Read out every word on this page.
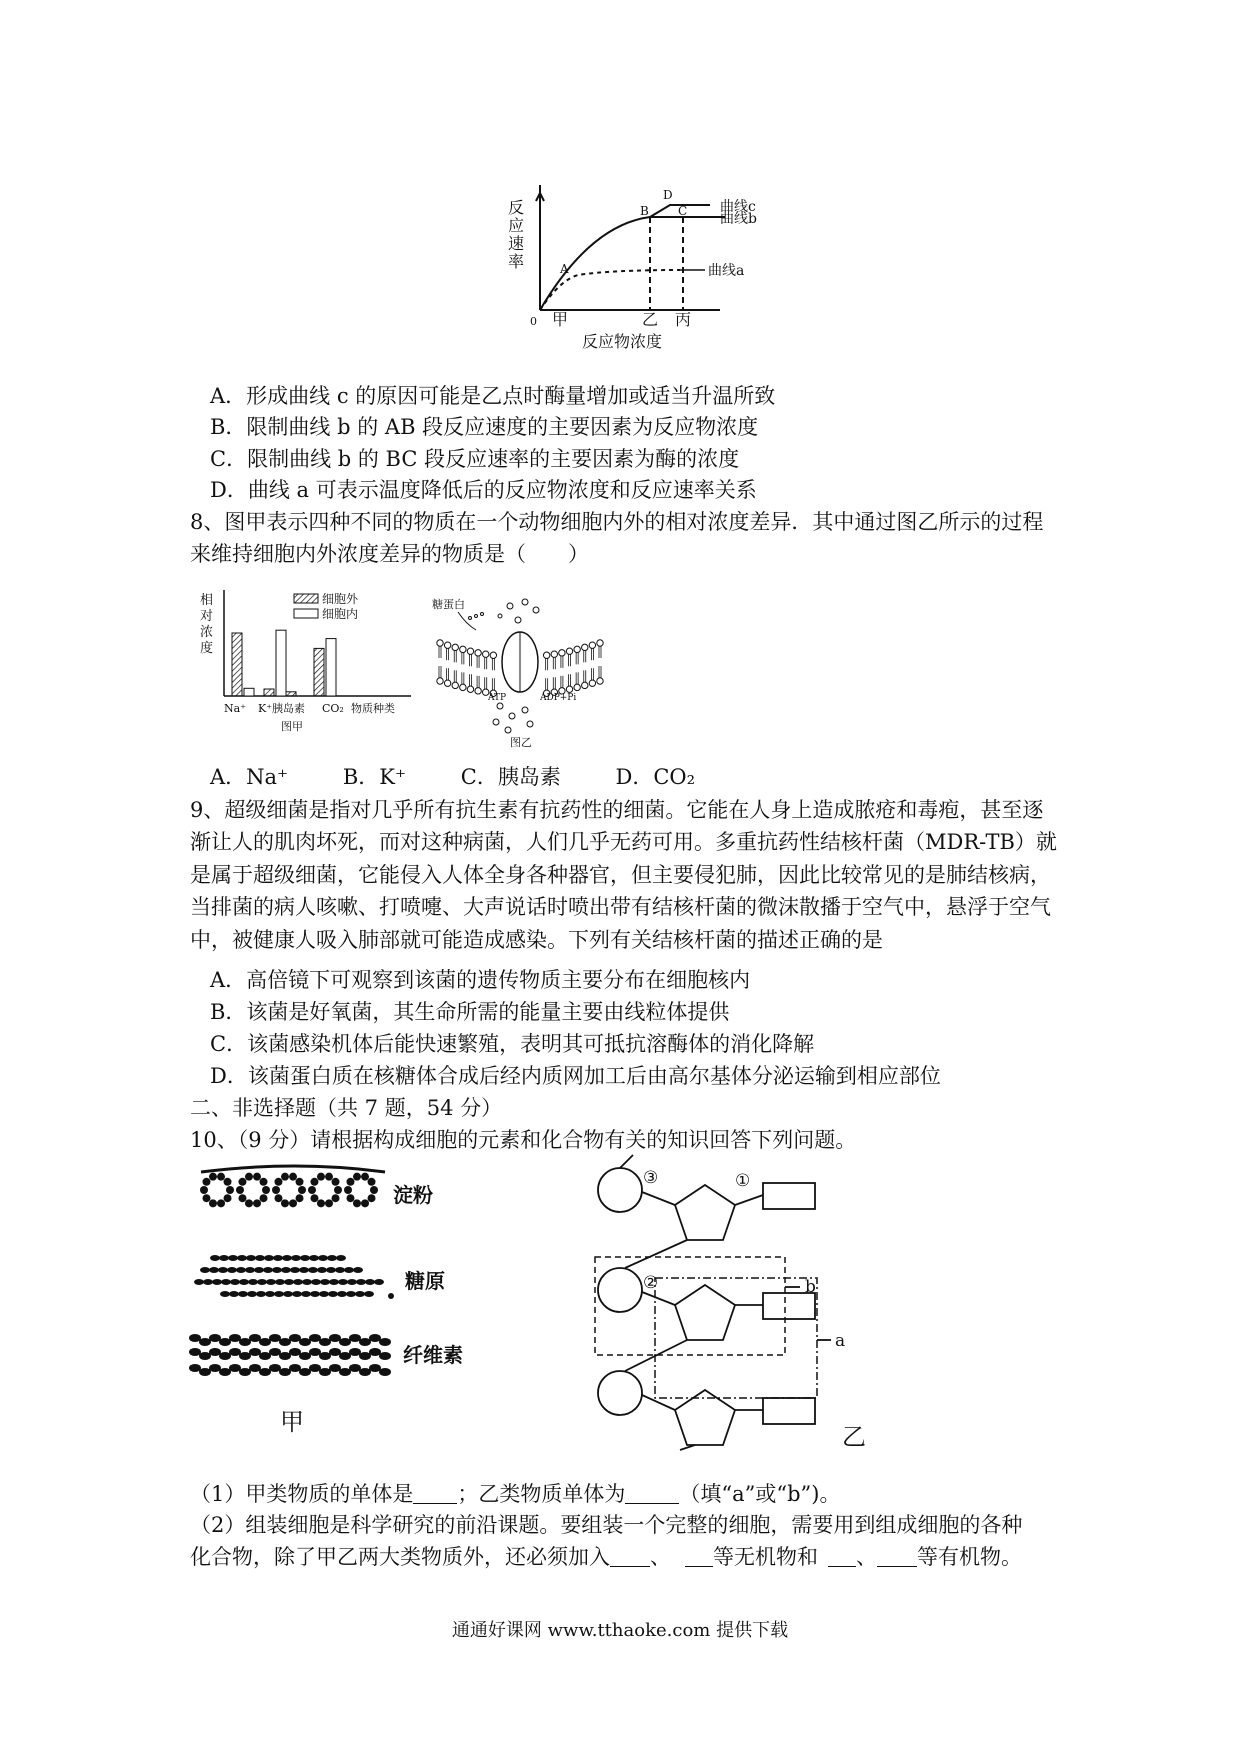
反
应
速
率
0 甲	乙 丙
反应物浓度
A
B C
D
曲线c
曲线b
曲线a
A．形成曲线 c 的原因可能是乙点时酶量增加或适当升温所致
B．限制曲线 b 的 AB 段反应速度的主要因素为反应物浓度
C．限制曲线 b 的 BC 段反应速率的主要因素为酶的浓度
D．曲线 a 可表示温度降低后的反应物浓度和反应速率关系
8、图甲表示四种不同的物质在一个动物细胞内外的相对浓度差异．其中通过图乙所示的过程来维持细胞内外浓度差异的物质是（　　）
相
对
浓
度
细胞外
细胞内
Na⁺ K⁺ 胰岛素 CO₂ 物质种类
图甲
糖蛋白
ATP	ADP+Pi
图乙
A．Na⁺	B．K⁺	C．胰岛素	D．CO₂
9、超级细菌是指对几乎所有抗生素有抗药性的细菌。它能在人身上造成脓疮和毒疱，甚至逐渐让人的肌肉坏死，而对这种病菌，人们几乎无药可用。多重抗药性结核杆菌（MDR-TB）就是属于超级细菌，它能侵入人体全身各种器官，但主要侵犯肺，因此比较常见的是肺结核病，当排菌的病人咳嗽、打喷嚏、大声说话时喷出带有结核杆菌的微沫散播于空气中，悬浮于空气中，被健康人吸入肺部就可能造成感染。下列有关结核杆菌的描述正确的是
A．高倍镜下可观察到该菌的遗传物质主要分布在细胞核内
B．该菌是好氧菌，其生命所需的能量主要由线粒体提供
C．该菌感染机体后能快速繁殖，表明其可抵抗溶酶体的消化降解
D．该菌蛋白质在核糖体合成后经内质网加工后由高尔基体分泌运输到相应部位
二、非选择题（共 7 题，54 分）
10、（9 分）请根据构成细胞的元素和化合物有关的知识回答下列问题。
淀粉
糖原
纤维素
甲
③	①
②	b
a
乙
（1）甲类物质的单体是 ；乙类物质单体为	（填“a”或“b”)。
（2）组装细胞是科学研究的前沿课题。要组装一个完整的细胞，需要用到组成细胞的各种
化合物，除了甲乙两大类物质外，还必须加入 、 等无机物和 、 等有机物。
通通好课网 www.tthaoke.com 提供下载
